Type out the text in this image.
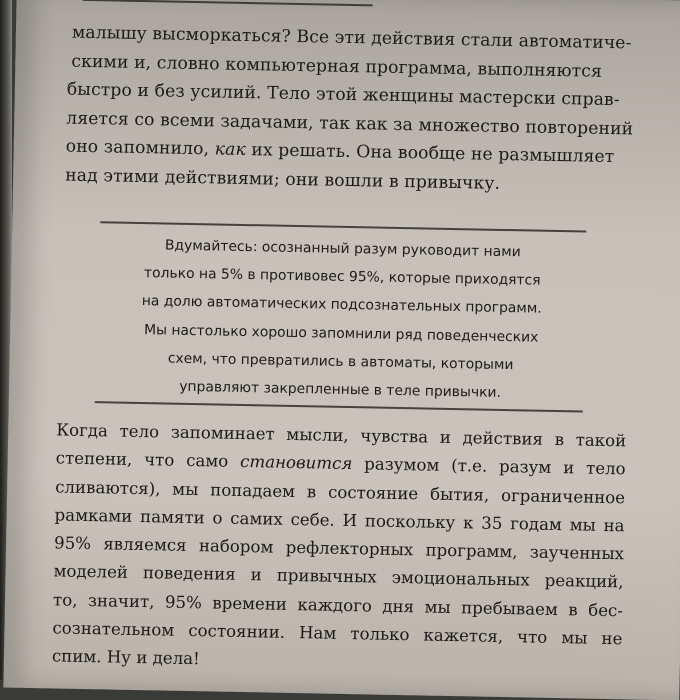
малышу высморкаться? Все эти действия стали автоматиче-
скими и, словно компьютерная программа, выполняются
быстро и без усилий. Тело этой женщины мастерски справ-
ляется со всеми задачами, так как за множество повторений
оно запомнило, как их решать. Она вообще не размышляет
над этими действиями; они вошли в привычку.
Вдумайтесь: осознанный разум руководит нами
только на 5% в противовес 95%, которые приходятся
на долю автоматических подсознательных программ.
Мы настолько хорошо запомнили ряд поведенческих
схем, что превратились в автоматы, которыми
управляют закрепленные в теле привычки.
Когда тело запоминает мысли, чувства и действия в такой
степени, что само становится разумом (т.е. разум и тело
сливаются), мы попадаем в состояние бытия, ограниченное
рамками памяти о самих себе. И поскольку к 35 годам мы на
95% являемся набором рефлекторных программ, заученных
моделей поведения и привычных эмоциональных реакций,
то, значит, 95% времени каждого дня мы пребываем в бес-
сознательном состоянии. Нам только кажется, что мы не
спим. Ну и дела!
